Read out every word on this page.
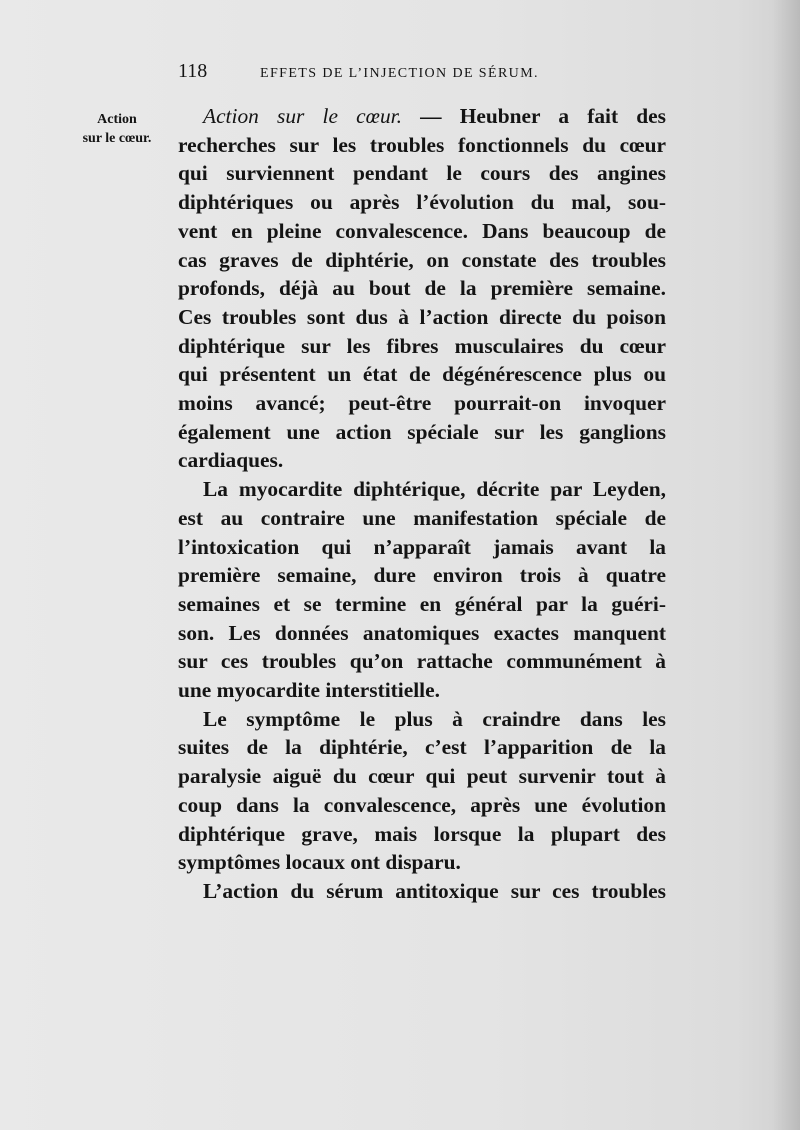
118	EFFETS DE L’INJECTION DE SÉRUM.
Action
sur le cœur.

Action sur le cœur. — Heubner a fait des
recherches sur les troubles fonctionnels du cœur
qui surviennent pendant le cours des angines
diphtériques ou après l’évolution du mal, sou-
vent en pleine convalescence. Dans beaucoup de
cas graves de diphtérie, on constate des troubles
profonds, déjà au bout de la première semaine.
Ces troubles sont dus à l’action directe du poison
diphtérique sur les fibres musculaires du cœur
qui présentent un état de dégénérescence plus ou
moins avancé; peut-être pourrait-on invoquer
également une action spéciale sur les ganglions
cardiaques.

La myocardite diphtérique, décrite par Leyden,
est au contraire une manifestation spéciale de
l’intoxication qui n’apparaît jamais avant la
première semaine, dure environ trois à quatre
semaines et se termine en général par la guéri-
son. Les données anatomiques exactes manquent
sur ces troubles qu’on rattache communément à
une myocardite interstitielle.

Le symptôme le plus à craindre dans les
suites de la diphtérie, c’est l’apparition de la
paralysie aiguë du cœur qui peut survenir tout à
coup dans la convalescence, après une évolution
diphtérique grave, mais lorsque la plupart des
symptômes locaux ont disparu.

L’action du sérum antitoxique sur ces troubles
